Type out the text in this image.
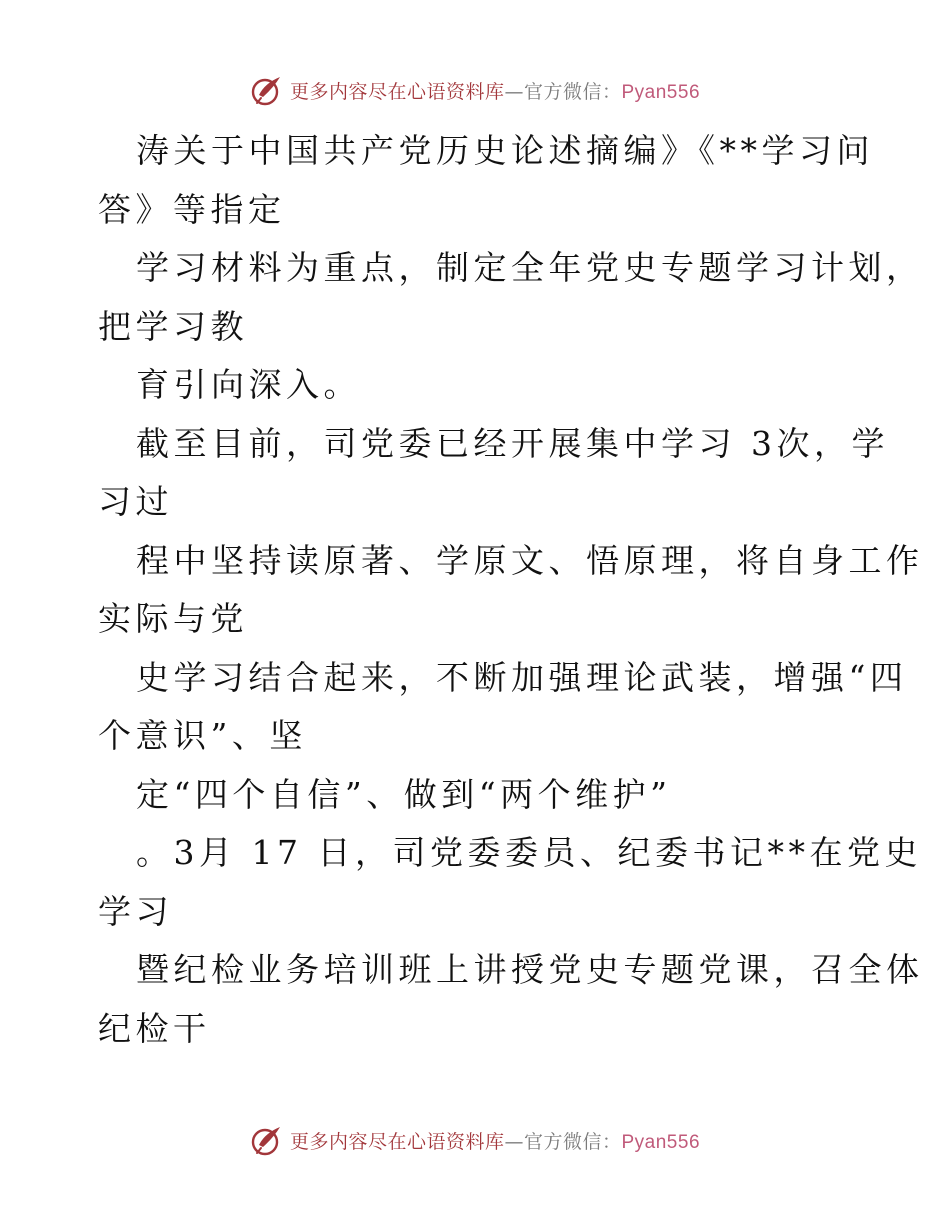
更多内容尽在心语资料库—官方微信：Pyan556
涛关于中国共产党历史论述摘编》《**学习问
答》等指定
学习材料为重点，制定全年党史专题学习计划，
把学习教
育引向深入。
截至目前，司党委已经开展集中学习 3次，学
习过
程中坚持读原著、学原文、悟原理，将自身工作
实际与党
史学习结合起来，不断加强理论武装，增强“四
个意识”、坚
定“四个自信”、做到“两个维护”
。3月 17 日，司党委委员、纪委书记**在党史
学习
暨纪检业务培训班上讲授党史专题党课，召全体
纪检干
更多内容尽在心语资料库—官方微信：Pyan556
